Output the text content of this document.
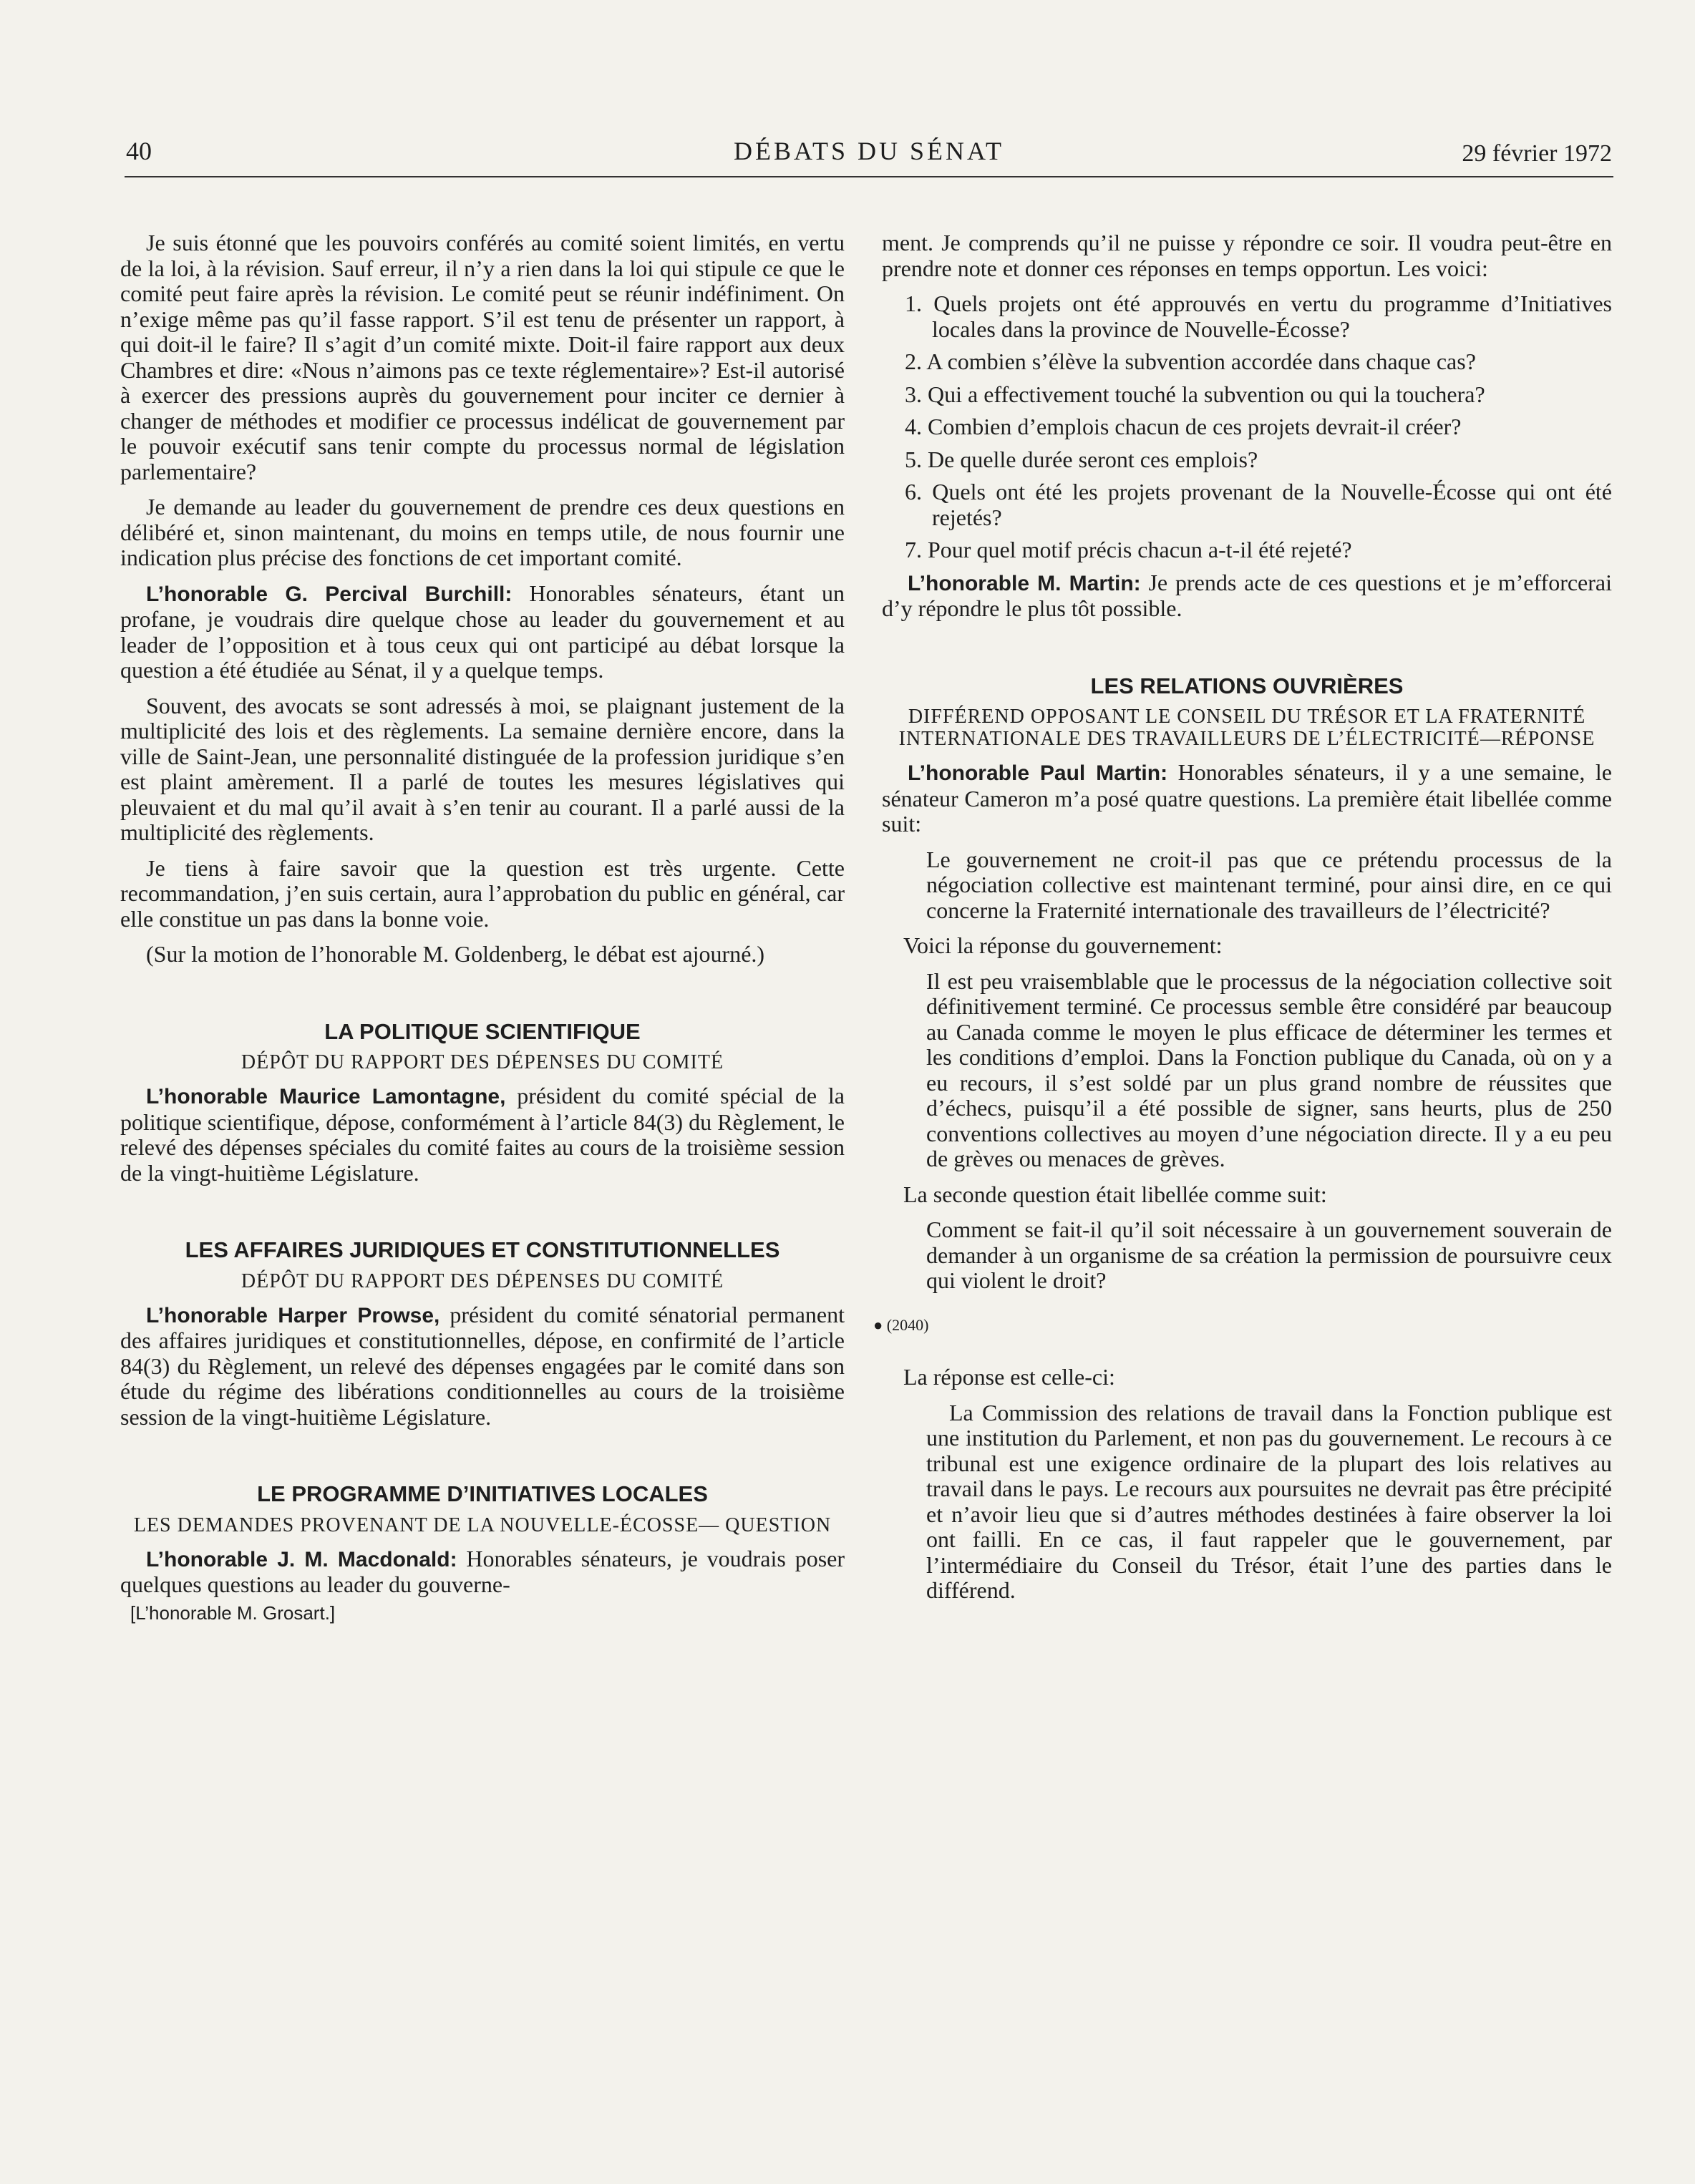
40	DÉBATS DU SÉNAT	29 février 1972

Je suis étonné que les pouvoirs conférés au comité soient limités, en vertu de la loi, à la révision. Sauf erreur, il n’y a rien dans la loi qui stipule ce que le comité peut faire après la révision. Le comité peut se réunir indéfiniment. On n’exige même pas qu’il fasse rapport. S’il est tenu de présenter un rapport, à qui doit-il le faire? Il s’agit d’un comité mixte. Doit-il faire rapport aux deux Chambres et dire: «Nous n’aimons pas ce texte réglementaire»? Est-il autorisé à exercer des pressions auprès du gouvernement pour inciter ce dernier à changer de méthodes et modifier ce processus indélicat de gouvernement par le pouvoir exécutif sans tenir compte du processus normal de législation parlementaire?

Je demande au leader du gouvernement de prendre ces deux questions en délibéré et, sinon maintenant, du moins en temps utile, de nous fournir une indication plus précise des fonctions de cet important comité.

L’honorable G. Percival Burchill: Honorables sénateurs, étant un profane, je voudrais dire quelque chose au leader du gouvernement et au leader de l’opposition et à tous ceux qui ont participé au débat lorsque la question a été étudiée au Sénat, il y a quelque temps.

Souvent, des avocats se sont adressés à moi, se plaignant justement de la multiplicité des lois et des règlements. La semaine dernière encore, dans la ville de Saint-Jean, une personnalité distinguée de la profession juridique s’en est plaint amèrement. Il a parlé de toutes les mesures législatives qui pleuvaient et du mal qu’il avait à s’en tenir au courant. Il a parlé aussi de la multiplicité des règlements.

Je tiens à faire savoir que la question est très urgente. Cette recommandation, j’en suis certain, aura l’approbation du public en général, car elle constitue un pas dans la bonne voie.

(Sur la motion de l’honorable M. Goldenberg, le débat est ajourné.)

LA POLITIQUE SCIENTIFIQUE
DÉPÔT DU RAPPORT DES DÉPENSES DU COMITÉ

L’honorable Maurice Lamontagne, président du comité spécial de la politique scientifique, dépose, conformément à l’article 84(3) du Règlement, le relevé des dépenses spéciales du comité faites au cours de la troisième session de la vingt-huitième Législature.

LES AFFAIRES JURIDIQUES ET CONSTITUTIONNELLES
DÉPÔT DU RAPPORT DES DÉPENSES DU COMITÉ

L’honorable Harper Prowse, président du comité sénatorial permanent des affaires juridiques et constitutionnelles, dépose, en confirmité de l’article 84(3) du Règlement, un relevé des dépenses engagées par le comité dans son étude du régime des libérations conditionnelles au cours de la troisième session de la vingt-huitième Législature.

LE PROGRAMME D’INITIATIVES LOCALES
LES DEMANDES PROVENANT DE LA NOUVELLE-ÉCOSSE— QUESTION

L’honorable J. M. Macdonald: Honorables sénateurs, je voudrais poser quelques questions au leader du gouverne-

[L’honorable M. Grosart.]

ment. Je comprends qu’il ne puisse y répondre ce soir. Il voudra peut-être en prendre note et donner ces réponses en temps opportun. Les voici:

1. Quels projets ont été approuvés en vertu du programme d’Initiatives locales dans la province de Nouvelle-Écosse?

2. A combien s’élève la subvention accordée dans chaque cas?

3. Qui a effectivement touché la subvention ou qui la touchera?

4. Combien d’emplois chacun de ces projets devrait-il créer?

5. De quelle durée seront ces emplois?

6. Quels ont été les projets provenant de la Nouvelle-Écosse qui ont été rejetés?

7. Pour quel motif précis chacun a-t-il été rejeté?

L’honorable M. Martin: Je prends acte de ces questions et je m’efforcerai d’y répondre le plus tôt possible.

LES RELATIONS OUVRIÈRES
DIFFÉREND OPPOSANT LE CONSEIL DU TRÉSOR ET LA FRATERNITÉ INTERNATIONALE DES TRAVAILLEURS DE L’ÉLECTRICITÉ—RÉPONSE

L’honorable Paul Martin: Honorables sénateurs, il y a une semaine, le sénateur Cameron m’a posé quatre questions. La première était libellée comme suit:

Le gouvernement ne croit-il pas que ce prétendu processus de la négociation collective est maintenant terminé, pour ainsi dire, en ce qui concerne la Fraternité internationale des travailleurs de l’électricité?

Voici la réponse du gouvernement:

Il est peu vraisemblable que le processus de la négociation collective soit définitivement terminé. Ce processus semble être considéré par beaucoup au Canada comme le moyen le plus efficace de déterminer les termes et les conditions d’emploi. Dans la Fonction publique du Canada, où on y a eu recours, il s’est soldé par un plus grand nombre de réussites que d’échecs, puisqu’il a été possible de signer, sans heurts, plus de 250 conventions collectives au moyen d’une négociation directe. Il y a eu peu de grèves ou menaces de grèves.

La seconde question était libellée comme suit:

Comment se fait-il qu’il soit nécessaire à un gouvernement souverain de demander à un organisme de sa création la permission de poursuivre ceux qui violent le droit?

● (2040)

La réponse est celle-ci:

La Commission des relations de travail dans la Fonction publique est une institution du Parlement, et non pas du gouvernement. Le recours à ce tribunal est une exigence ordinaire de la plupart des lois relatives au travail dans le pays. Le recours aux poursuites ne devrait pas être précipité et n’avoir lieu que si d’autres méthodes destinées à faire observer la loi ont failli. En ce cas, il faut rappeler que le gouvernement, par l’intermédiaire du Conseil du Trésor, était l’une des parties dans le différend.
